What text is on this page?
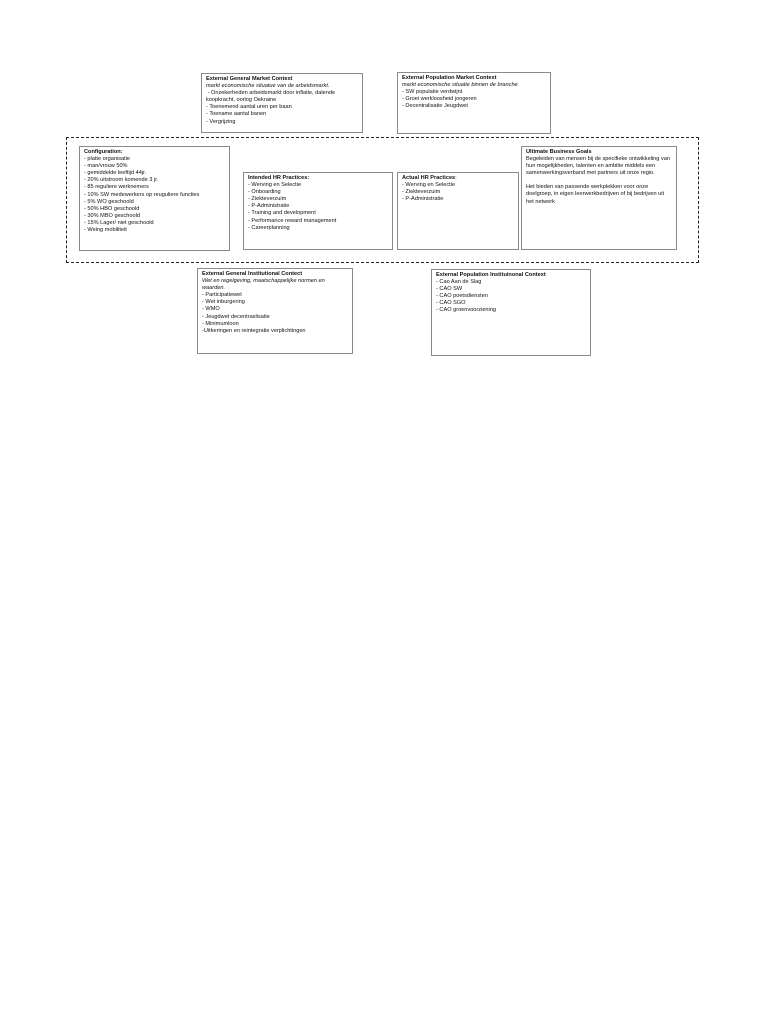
External General Market Context
markt economische situatue van de arbeidsmarkt.
- Onzekerheden arbeidsmarkt door inflatie, dalende koopkracht, oorlog Oekraine
- Toenemend aantal uren per baan
- Toename aantal banen
- Vergrijzing
External Population Market Context
markt economische situatie binnen de branche
- SW populatie verdwijnt
- Groei werkloosheid jongeren
- Decentralisatie Jeugdwet
Configuration:
- platte organisatie
- man/vrouw 50%
- gemiddelde leeftijd 44jr.
- 20% uitstroom komende 3 jr.
- 85 reguliere werknemers
- 10% SW medewerkers op reuguliere functies
- 5% WO geschoold
- 50% HBO geschoold
- 30% MBO geschoold
- 15% Lager/ niet geschoold
- Weing mobiliteit
Intended HR Practices:
- Werving en Selectie
- Onboarding
- Ziekteverzuim
- P-Administratie
- Training and development
- Performance reward management
- Careerplanning
Actual HR Practices:
- Werving en Selectie
- Ziekteverzuim
- P-Administratie
Ultimate Business Goals
Begeleiden van mensen bij de specifieke ontwikkeling van hun mogelijkheden, talenten en ambitie middels een samenwerkingsverband met partners uit onze regio.
Het bieden van passende werkplekken voor onze doelgroep, in eigen leerwerkbedrijven of bij bedrijven uit het netwerk
External General Institutional Contect
Wet en regelgeving, maatschappelijke normen en waarden.
- Participatiewet
- Wet inburgering
- WMO
- Jeugdwet decentraslisatie
- Minimumloon
-Uitkeringen en reintegratie verplichtingen
External Population Instituinonal Context
- Cao Aan de Slag
- CAO SW
- CAO poetsdiensten
- CAO SGO
- CAO groenvoorziening
